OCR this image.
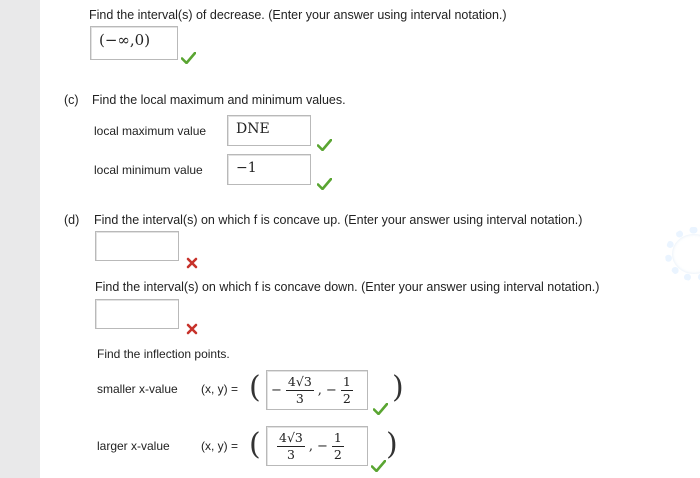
Find the interval(s) of decrease. (Enter your answer using interval notation.)
(−∞,0)
(c) Find the local maximum and minimum values.
local maximum value DNE
local minimum value −1
(d) Find the interval(s) on which f is concave up. (Enter your answer using interval notation.)
Find the interval(s) on which f is concave down. (Enter your answer using interval notation.)
Find the inflection points.
smaller x-value (x, y) = ( − $\frac{4√3}{3}$ , − $\frac{1}{2}$ )
larger x-value	(x, y) = ( $\frac{4√3}{3}$ , − $\frac{1}{2}$ )
